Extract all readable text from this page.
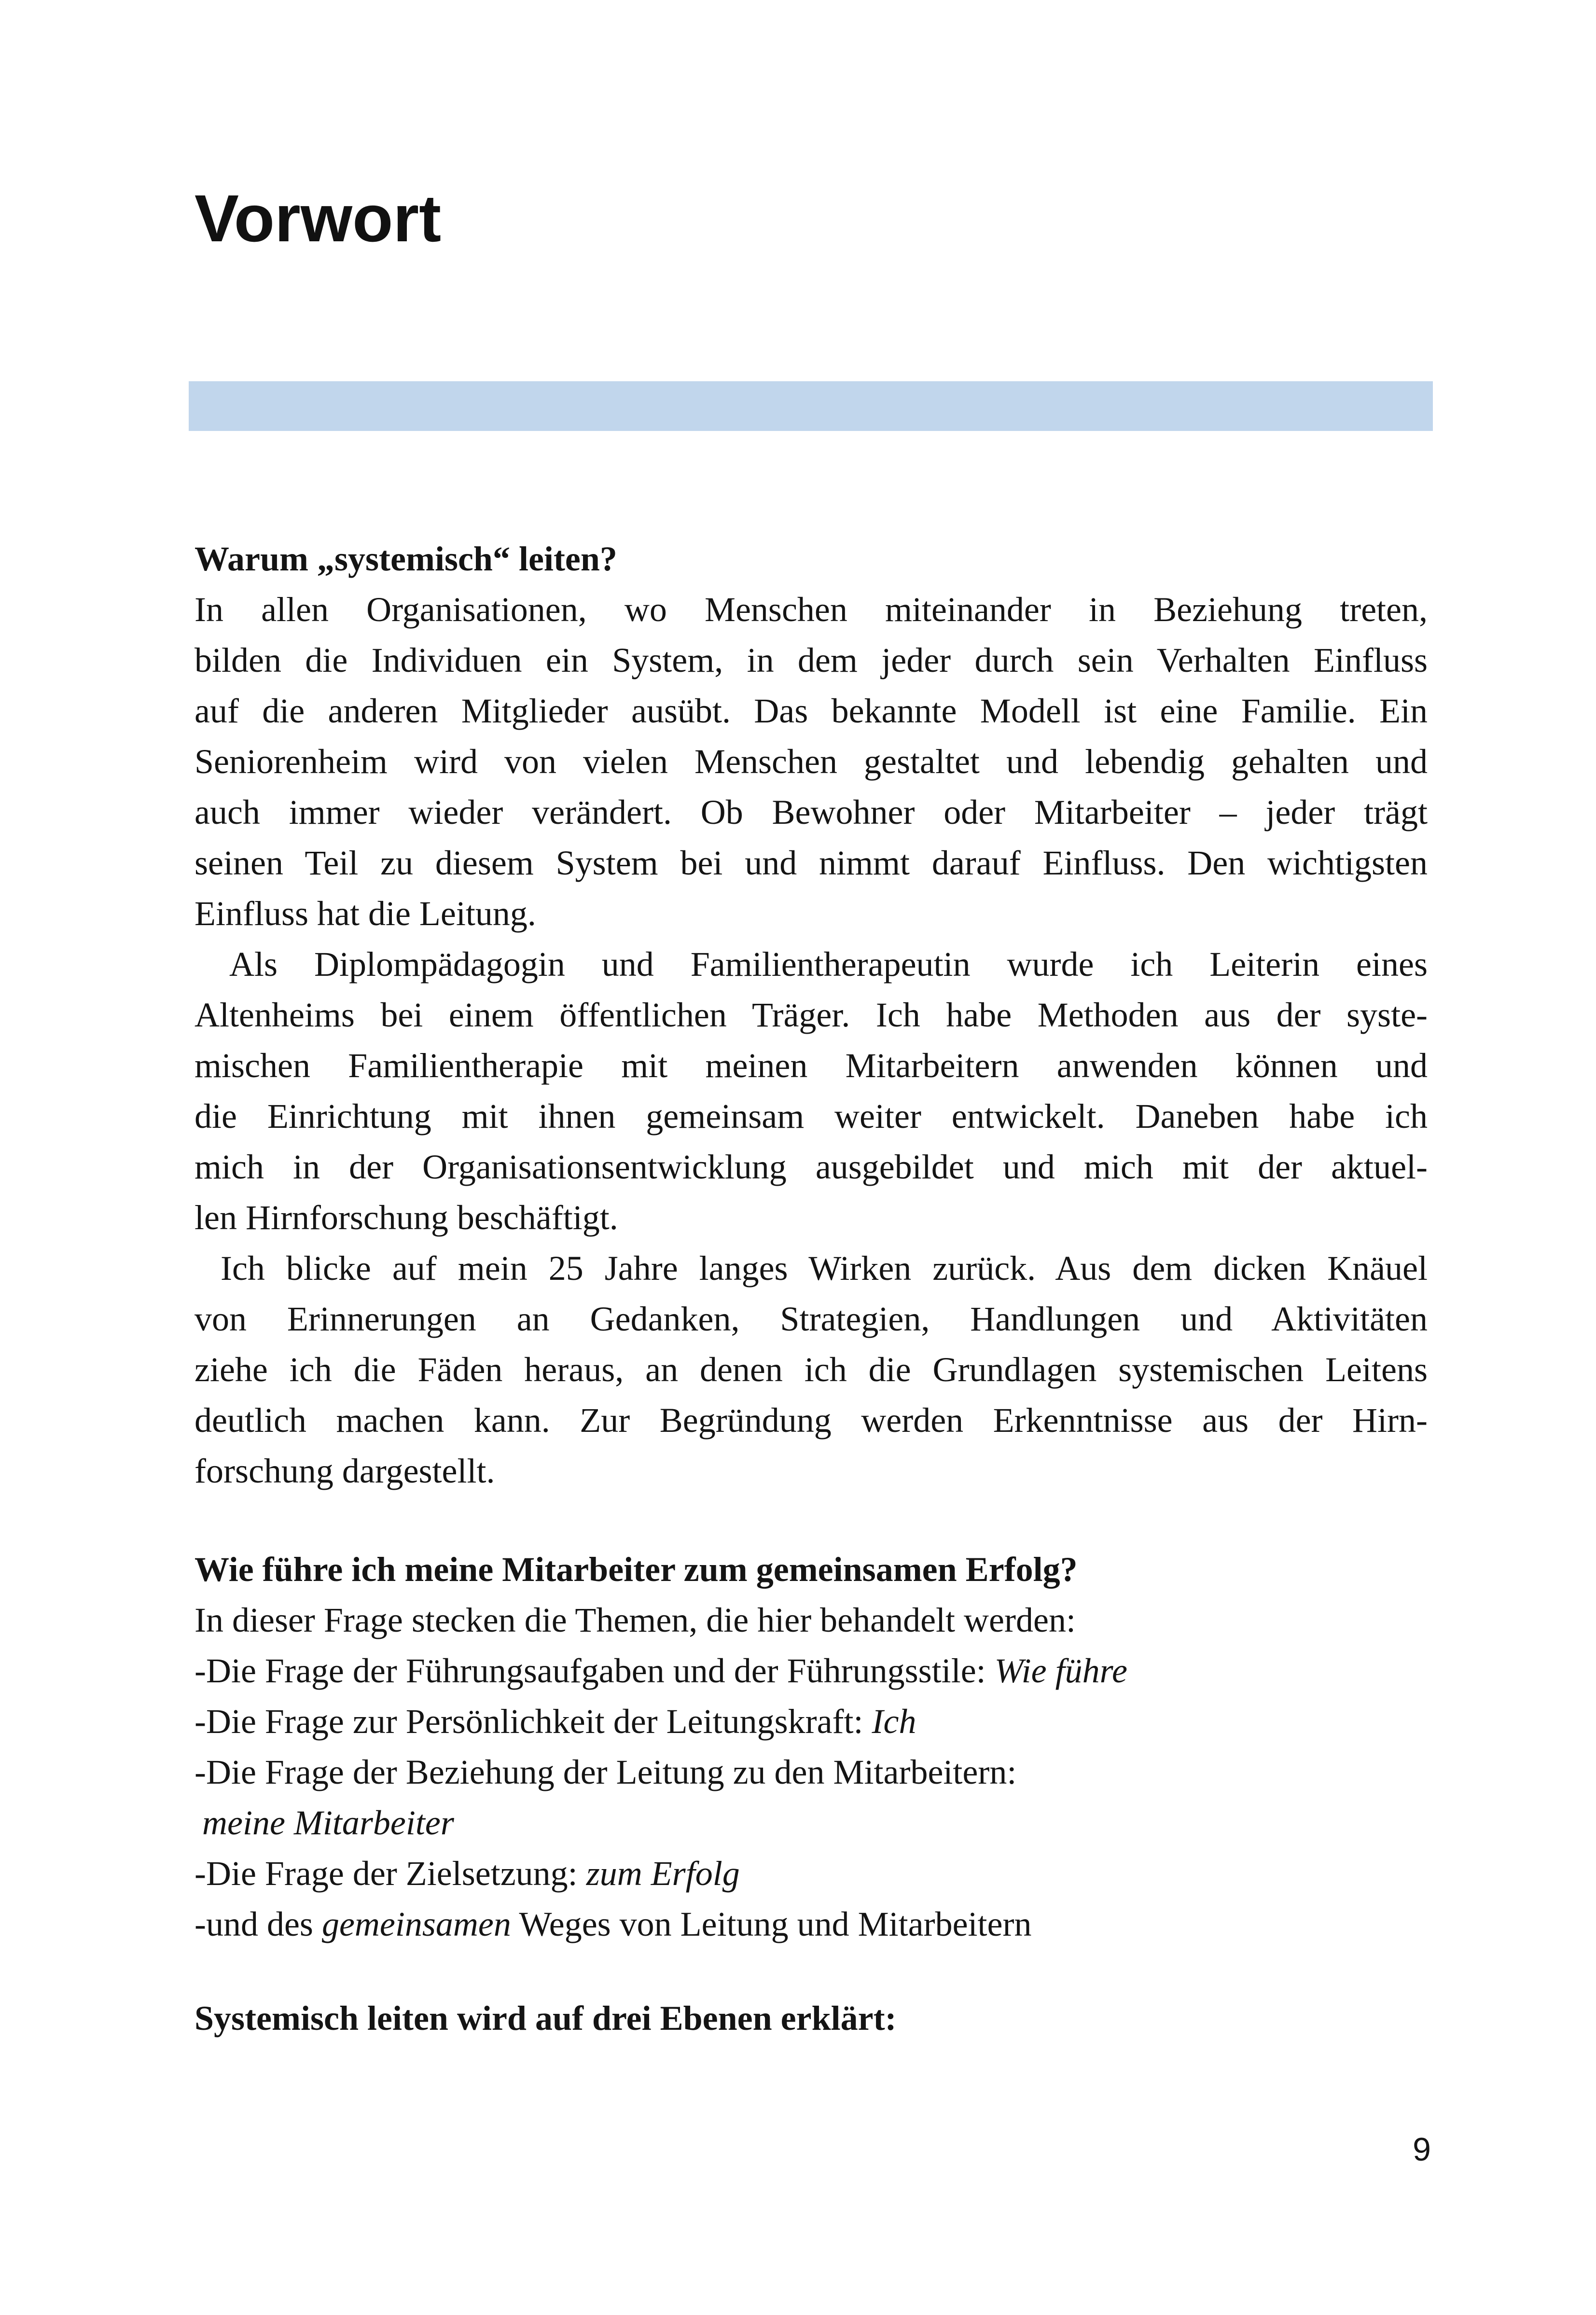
Vorwort
Warum „systemisch“ leiten?
In allen Organisationen, wo Menschen miteinander in Beziehung treten,
bilden die Individuen ein System, in dem jeder durch sein Verhalten Einfluss
auf die anderen Mitglieder ausübt. Das bekannte Modell ist eine Familie. Ein
Seniorenheim wird von vielen Menschen gestaltet und lebendig gehalten und
auch immer wieder verändert. Ob Bewohner oder Mitarbeiter – jeder trägt
seinen Teil zu diesem System bei und nimmt darauf Einfluss. Den wichtigsten
Einfluss hat die Leitung.
Als Diplompädagogin und Familientherapeutin wurde ich Leiterin eines
Altenheims bei einem öffentlichen Träger. Ich habe Methoden aus der syste-
mischen Familientherapie mit meinen Mitarbeitern anwenden können und
die Einrichtung mit ihnen gemeinsam weiter entwickelt. Daneben habe ich
mich in der Organisationsentwicklung ausgebildet und mich mit der aktuel-
len Hirnforschung beschäftigt.
Ich blicke auf mein 25 Jahre langes Wirken zurück. Aus dem dicken Knäuel
von Erinnerungen an Gedanken, Strategien, Handlungen und Aktivitäten
ziehe ich die Fäden heraus, an denen ich die Grundlagen systemischen Leitens
deutlich machen kann. Zur Begründung werden Erkenntnisse aus der Hirn-
forschung dargestellt.
Wie führe ich meine Mitarbeiter zum gemeinsamen Erfolg?
In dieser Frage stecken die Themen, die hier behandelt werden:
-Die Frage der Führungsaufgaben und der Führungsstile: Wie führe
-Die Frage zur Persönlichkeit der Leitungskraft: Ich
-Die Frage der Beziehung der Leitung zu den Mitarbeitern:
meine Mitarbeiter
-Die Frage der Zielsetzung: zum Erfolg
-und des gemeinsamen Weges von Leitung und Mitarbeitern
Systemisch leiten wird auf drei Ebenen erklärt:
9
